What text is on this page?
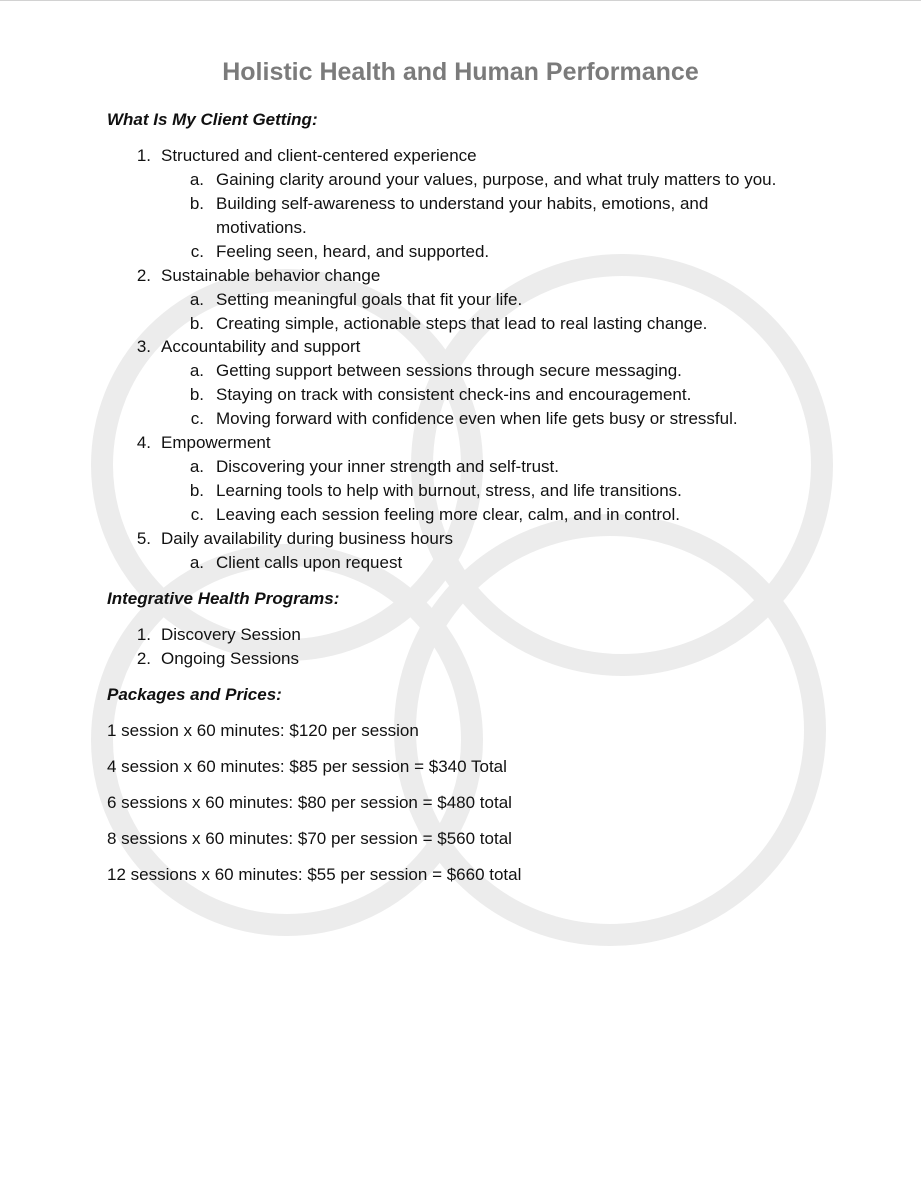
Holistic Health and Human Performance
What Is My Client Getting:
1. Structured and client-centered experience
a. Gaining clarity around your values, purpose, and what truly matters to you.
b. Building self-awareness to understand your habits, emotions, and
motivations.
c. Feeling seen, heard, and supported.
2. Sustainable behavior change
a. Setting meaningful goals that fit your life.
b. Creating simple, actionable steps that lead to real lasting change.
3. Accountability and support
a. Getting support between sessions through secure messaging.
b. Staying on track with consistent check-ins and encouragement.
c. Moving forward with confidence even when life gets busy or stressful.
4. Empowerment
a. Discovering your inner strength and self-trust.
b. Learning tools to help with burnout, stress, and life transitions.
c. Leaving each session feeling more clear, calm, and in control.
5. Daily availability during business hours
a. Client calls upon request
Integrative Health Programs:
1. Discovery Session
2. Ongoing Sessions
Packages and Prices:

1 session x 60 minutes: $120 per session

4 session x 60 minutes: $85 per session = $340 Total

6 sessions x 60 minutes: $80 per session = $480 total

8 sessions x 60 minutes: $70 per session = $560 total

12 sessions x 60 minutes: $55 per session = $660 total
